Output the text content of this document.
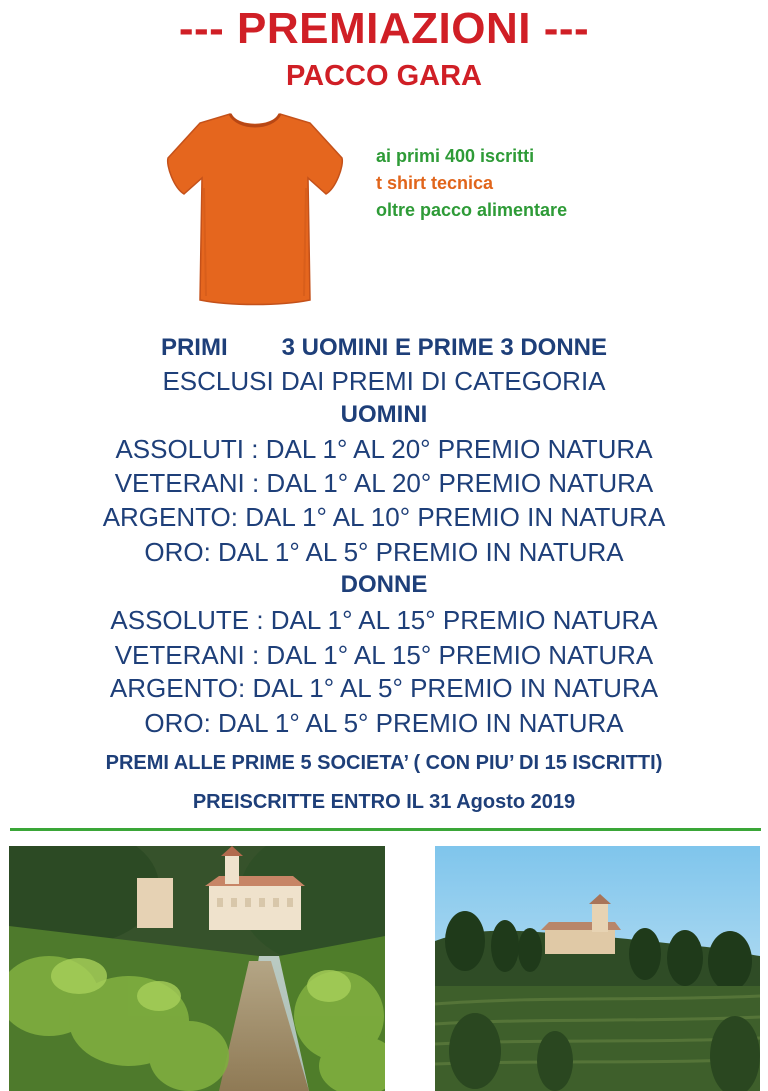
--- PREMIAZIONI ---
PACCO GARA
ai primi 400 iscritti
t shirt tecnica
oltre pacco alimentare
PRIMI 3 UOMINI E PRIME 3 DONNE
ESCLUSI DAI PREMI DI CATEGORIA
UOMINI
ASSOLUTI : DAL 1° AL 20° PREMIO NATURA
VETERANI : DAL 1° AL 20° PREMIO NATURA
ARGENTO: DAL 1° AL 10° PREMIO IN NATURA
ORO: DAL 1° AL 5° PREMIO IN NATURA
DONNE
ASSOLUTE : DAL 1° AL 15° PREMIO NATURA
VETERANI : DAL 1° AL 15° PREMIO NATURA
ARGENTO: DAL 1° AL 5° PREMIO IN NATURA
ORO: DAL 1° AL 5° PREMIO IN NATURA
PREMI ALLE PRIME 5 SOCIETA’ ( CON PIU’ DI 15 ISCRITTI)
PREISCRITTE ENTRO IL 31 Agosto 2019
